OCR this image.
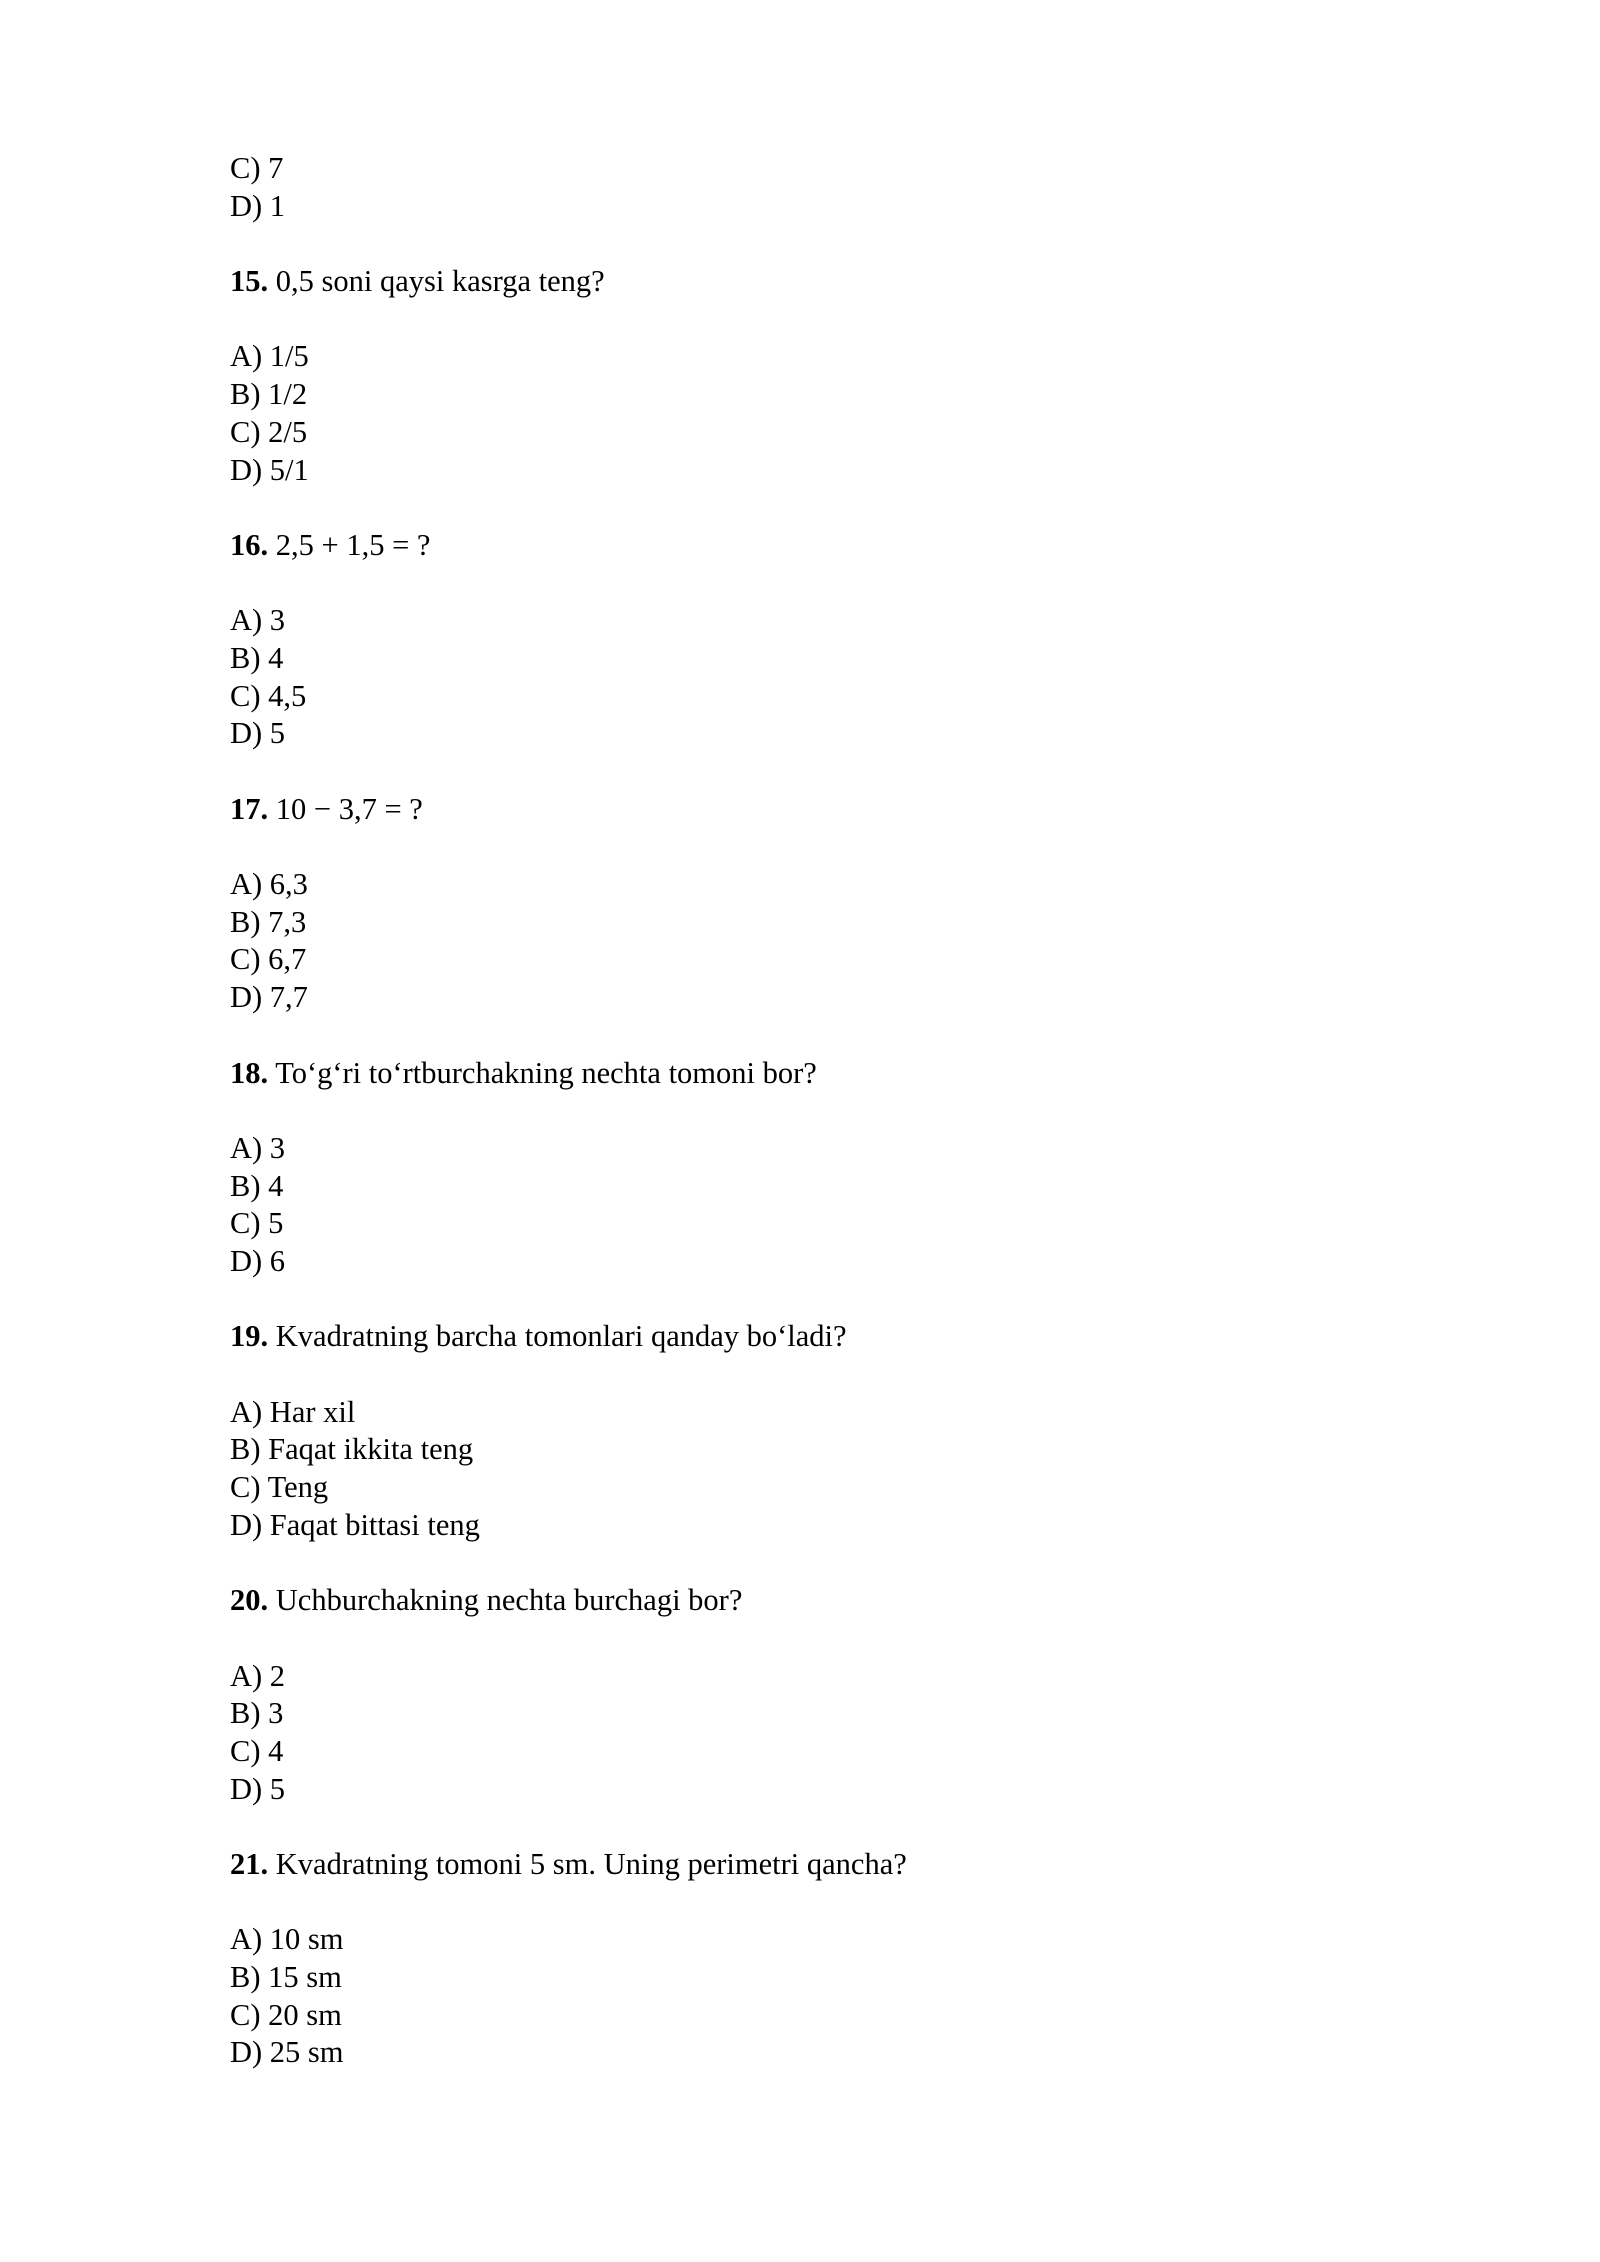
C) 7
D) 1
15. 0,5 soni qaysi kasrga teng?
A) 1/5
B) 1/2
C) 2/5
D) 5/1
16. 2,5 + 1,5 = ?
A) 3
B) 4
C) 4,5
D) 5
17. 10 − 3,7 = ?
A) 6,3
B) 7,3
C) 6,7
D) 7,7
18. To‘g‘ri to‘rtburchakning nechta tomoni bor?
A) 3
B) 4
C) 5
D) 6
19. Kvadratning barcha tomonlari qanday bo‘ladi?
A) Har xil
B) Faqat ikkita teng
C) Teng
D) Faqat bittasi teng
20. Uchburchakning nechta burchagi bor?
A) 2
B) 3
C) 4
D) 5
21. Kvadratning tomoni 5 sm. Uning perimetri qancha?
A) 10 sm
B) 15 sm
C) 20 sm
D) 25 sm
